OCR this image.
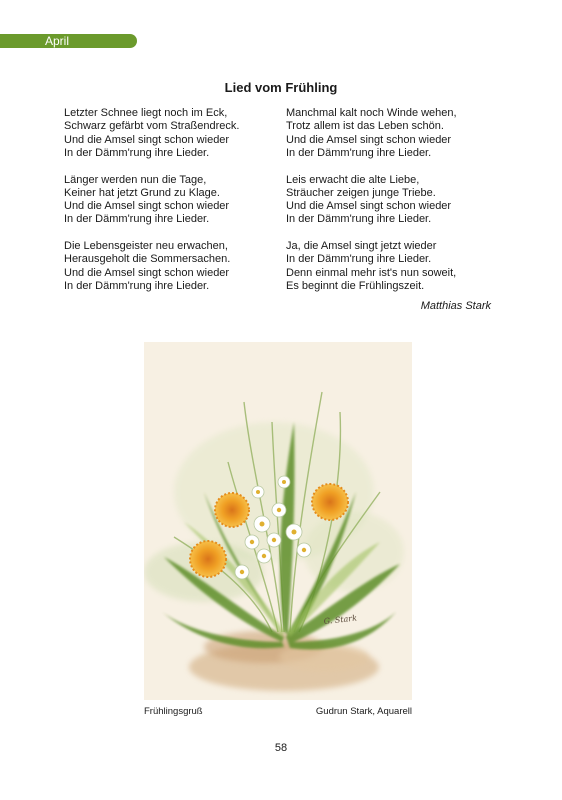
April
Lied vom Frühling
Letzter Schnee liegt noch im Eck,
Schwarz gefärbt vom Straßendreck.
Und die Amsel singt schon wieder
In der Dämm'rung ihre Lieder.
Länger werden nun die Tage,
Keiner hat jetzt Grund zu Klage.
Und die Amsel singt schon wieder
In der Dämm'rung ihre Lieder.
Die Lebensgeister neu erwachen,
Herausgeholt die Sommersachen.
Und die Amsel singt schon wieder
In der Dämm'rung ihre Lieder.
Manchmal kalt noch Winde wehen,
Trotz allem ist das Leben schön.
Und die Amsel singt schon wieder
In der Dämm'rung ihre Lieder.
Leis erwacht die alte Liebe,
Sträucher zeigen junge Triebe.
Und die Amsel singt schon wieder
In der Dämm'rung ihre Lieder.
Ja, die Amsel singt jetzt wieder
In der Dämm'rung ihre Lieder.
Denn einmal mehr ist's nun soweit,
Es beginnt die Frühlingszeit.
Matthias Stark
G. Stark
Frühlingsgruß	Gudrun Stark, Aquarell
58
